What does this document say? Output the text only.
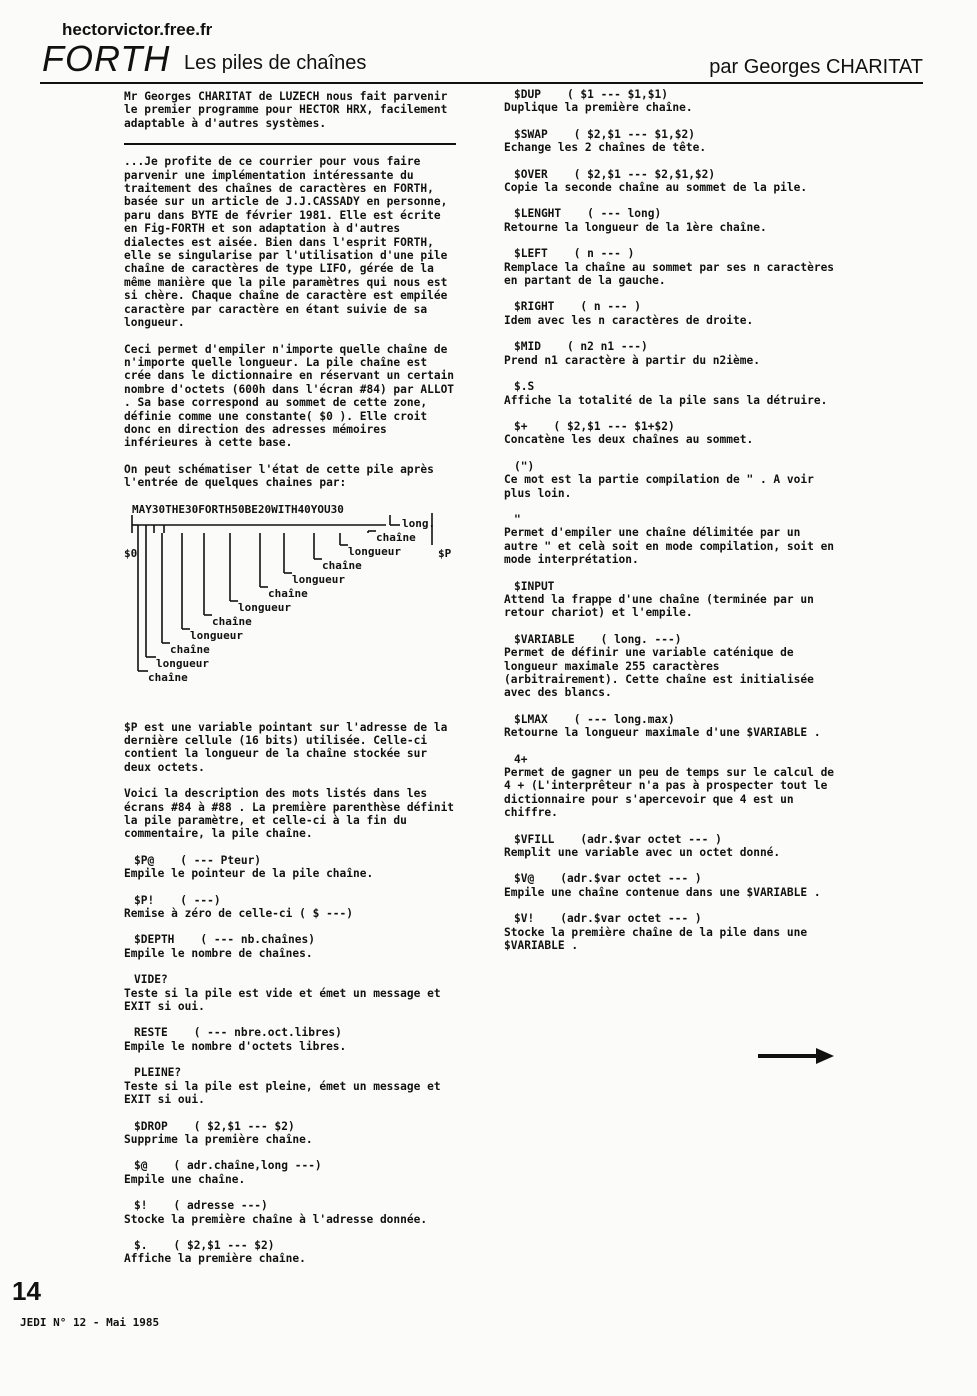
hectorvictor.free.fr
FORTH Les piles de chaînes	par Georges CHARITAT

Mr Georges CHARITAT de LUZECH nous fait parvenir le premier programme pour HECTOR HRX, facilement adaptable à d'autres systèmes.

...Je profite de ce courrier pour vous faire parvenir une implémentation intéressante du traitement des chaînes de caractères en FORTH, basée sur un article de J.J.CASSADY en personne, paru dans BYTE de février 1981. Elle est écrite en Fig-FORTH et son adaptation à d'autres dialectes est aisée. Bien dans l'esprit FORTH, elle se singularise par l'utilisation d'une pile chaîne de caractères de type LIFO, gérée de la même manière que la pile paramètres qui nous est si chère. Chaque chaîne de caractère est empilée caractère par caractère en étant suivie de sa longueur.

Ceci permet d'empiler n'importe quelle chaîne de n'importe quelle longueur. La pile chaîne est crée dans le dictionnaire en réservant un certain nombre d'octets (600h dans l'écran #84) par ALLOT . Sa base correspond au sommet de cette zone, définie comme une constante( $0 ). Elle croit donc en direction des adresses mémoires inférieures à cette base.

On peut schématiser l'état de cette pile après l'entrée de quelques chaines par:

MAY30THE30FORTH50BE20WITH40YOU30
$0	$P
long.
chaîne
longueur
chaîne
longueur
chaîne
longueur
chaîne
longueur
chaîne
longueur
chaîne

$P est une variable pointant sur l'adresse de la dernière cellule (16 bits) utilisée. Celle-ci contient la longueur de la chaîne stockée sur deux octets.

Voici la description des mots listés dans les écrans #84 à #88 . La première parenthèse définit la pile paramètre, et celle-ci à la fin du commentaire, la pile chaîne.

$P@ ( --- Pteur)
Empile le pointeur de la pile chaîne.
$P! ( ---)
Remise à zéro de celle-ci ( $ ---)
$DEPTH ( --- nb.chaînes)
Empile le nombre de chaînes.
VIDE?
Teste si la pile est vide et émet un message et EXIT si oui.
RESTE ( --- nbre.oct.libres)
Empile le nombre d'octets libres.
PLEINE?
Teste si la pile est pleine, émet un message et EXIT si oui.
$DROP ( $2,$1 --- $2)
Supprime la première chaîne.
$@ ( adr.chaîne,long ---)
Empile une chaîne.
$! ( adresse ---)
Stocke la première chaîne à l'adresse donnée.
$. ( $2,$1 --- $2)
Affiche la première chaîne.
$DUP ( $1 --- $1,$1)
Duplique la première chaîne.
$SWAP ( $2,$1 --- $1,$2)
Echange les 2 chaînes de tête.
$OVER ( $2,$1 --- $2,$1,$2)
Copie la seconde chaîne au sommet de la pile.
$LENGHT ( --- long)
Retourne la longueur de la 1ère chaîne.
$LEFT ( n --- )
Remplace la chaîne au sommet par ses n caractères en partant de la gauche.
$RIGHT ( n --- )
Idem avec les n caractères de droite.
$MID ( n2 n1 ---)
Prend n1 caractère à partir du n2ième.
$.S
Affiche la totalité de la pile sans la détruire.
$+ ( $2,$1 --- $1+$2)
Concatène les deux chaînes au sommet.
(")
Ce mot est la partie compilation de " . A voir plus loin.
"
Permet d'empiler une chaîne délimitée par un autre " et celà soit en mode compilation, soit en mode interprétation.
$INPUT
Attend la frappe d'une chaîne (terminée par un retour chariot) et l'empile.
$VARIABLE ( long. ---)
Permet de définir une variable caténique de longueur maximale 255 caractères (arbitrairement). Cette chaîne est initialisée avec des blancs.
$LMAX ( --- long.max)
Retourne la longueur maximale d'une $VARIABLE .
4+
Permet de gagner un peu de temps sur le calcul de 4 + (L'interprêteur n'a pas à prospecter tout le dictionnaire pour s'apercevoir que 4 est un chiffre.
$VFILL (adr.$var octet --- )
Remplit une variable avec un octet donné.
$V@ (adr.$var octet --- )
Empile une chaîne contenue dans une $VARIABLE .
$V! (adr.$var octet --- )
Stocke la première chaîne de la pile dans une $VARIABLE .
14
JEDI N° 12 - Mai 1985
